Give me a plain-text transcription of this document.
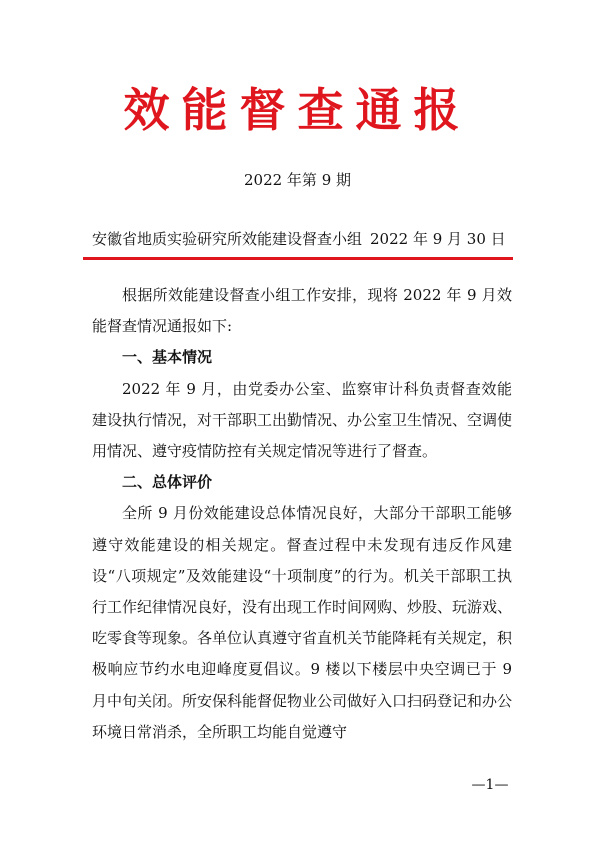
效能督查通报
2022 年第 9 期
安徽省地质实验研究所效能建设督查小组 2022 年 9 月 30 日

根据所效能建设督查小组工作安排，现将 2022 年 9 月效能督查情况通报如下:

一、基本情况

2022 年 9 月，由党委办公室、监察审计科负责督查效能建设执行情况，对干部职工出勤情况、办公室卫生情况、空调使用情况、遵守疫情防控有关规定情况等进行了督查。

二、总体评价

全所 9 月份效能建设总体情况良好，大部分干部职工能够遵守效能建设的相关规定。督查过程中未发现有违反作风建设“八项规定”及效能建设“十项制度”的行为。机关干部职工执行工作纪律情况良好，没有出现工作时间网购、炒股、玩游戏、吃零食等现象。各单位认真遵守省直机关节能降耗有关规定，积极响应节约水电迎峰度夏倡议。9 楼以下楼层中央空调已于 9 月中旬关闭。所安保科能督促物业公司做好入口扫码登记和办公环境日常消杀，全所职工均能自觉遵守

—1—
